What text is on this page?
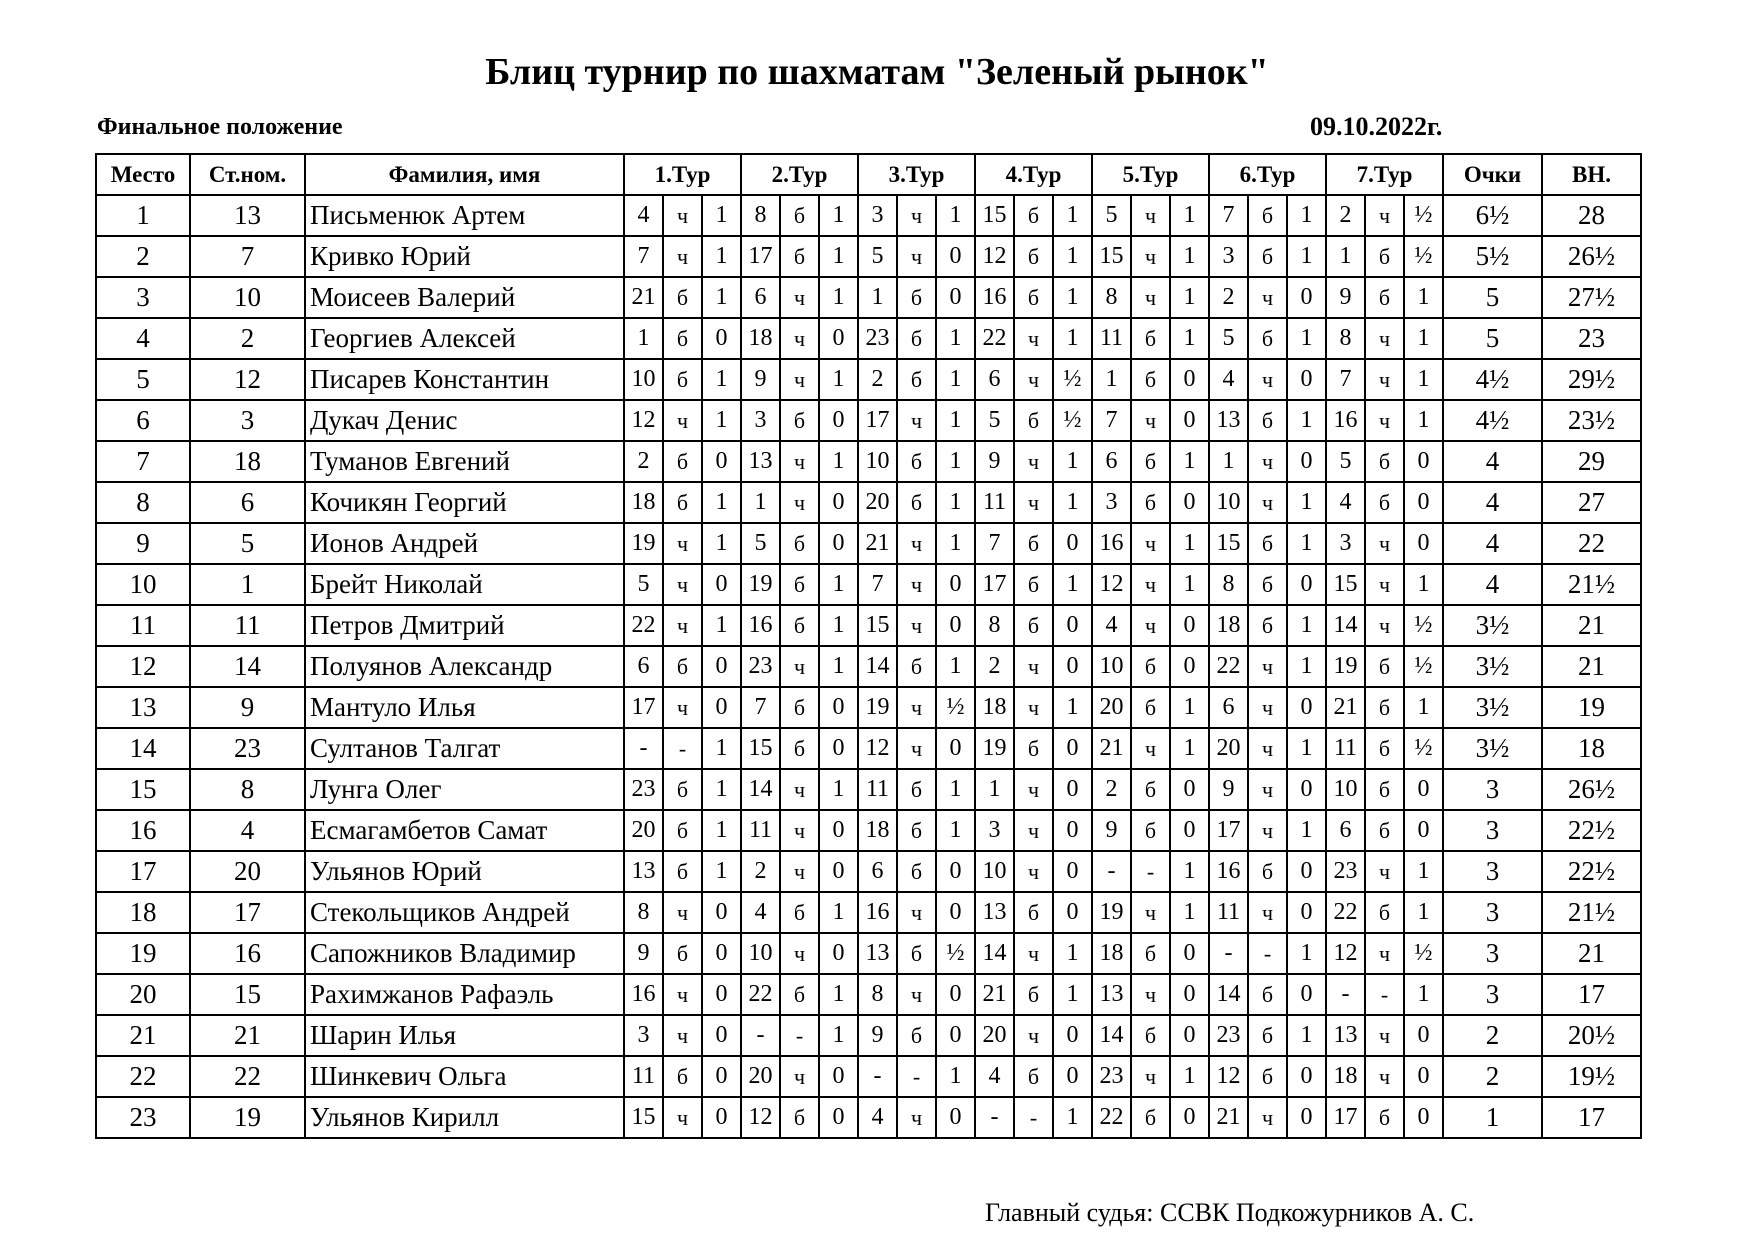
Блиц турнир по шахматам "Зеленый рынок"
Финальное положение	09.10.2022г.
Место	Ст.ном.	Фамилия, имя	1.Тур			2.Тур			3.Тур			4.Тур			5.Тур			6.Тур			7.Тур			Очки	ВН.
1	13	Письменюк Артем	4	ч	1	8	б	1	3	ч	1	15	б	1	5	ч	1	7	б	1	2	ч	½	6½	28
2	7	Кривко Юрий	7	ч	1	17	б	1	5	ч	0	12	б	1	15	ч	1	3	б	1	1	б	½	5½	26½
3	10	Моисеев Валерий	21	б	1	6	ч	1	1	б	0	16	б	1	8	ч	1	2	ч	0	9	б	1	5	27½
4	2	Георгиев Алексей	1	б	0	18	ч	0	23	б	1	22	ч	1	11	б	1	5	б	1	8	ч	1	5	23
5	12	Писарев Константин	10	б	1	9	ч	1	2	б	1	6	ч	½	1	б	0	4	ч	0	7	ч	1	4½	29½
6	3	Дукач Денис	12	ч	1	3	б	0	17	ч	1	5	б	½	7	ч	0	13	б	1	16	ч	1	4½	23½
7	18	Туманов Евгений	2	б	0	13	ч	1	10	б	1	9	ч	1	6	б	1	1	ч	0	5	б	0	4	29
8	6	Кочикян Георгий	18	б	1	1	ч	0	20	б	1	11	ч	1	3	б	0	10	ч	1	4	б	0	4	27
9	5	Ионов Андрей	19	ч	1	5	б	0	21	ч	1	7	б	0	16	ч	1	15	б	1	3	ч	0	4	22
10	1	Брейт Николай	5	ч	0	19	б	1	7	ч	0	17	б	1	12	ч	1	8	б	0	15	ч	1	4	21½
11	11	Петров Дмитрий	22	ч	1	16	б	1	15	ч	0	8	б	0	4	ч	0	18	б	1	14	ч	½	3½	21
12	14	Полуянов Александр	6	б	0	23	ч	1	14	б	1	2	ч	0	10	б	0	22	ч	1	19	б	½	3½	21
13	9	Мантуло Илья	17	ч	0	7	б	0	19	ч	½	18	ч	1	20	б	1	6	ч	0	21	б	1	3½	19
14	23	Султанов Талгат	-	-	1	15	б	0	12	ч	0	19	б	0	21	ч	1	20	ч	1	11	б	½	3½	18
15	8	Лунга Олег	23	б	1	14	ч	1	11	б	1	1	ч	0	2	б	0	9	ч	0	10	б	0	3	26½
16	4	Есмагамбетов Самат	20	б	1	11	ч	0	18	б	1	3	ч	0	9	б	0	17	ч	1	6	б	0	3	22½
17	20	Ульянов Юрий	13	б	1	2	ч	0	6	б	0	10	ч	0	-	-	1	16	б	0	23	ч	1	3	22½
18	17	Стекольщиков Андрей	8	ч	0	4	б	1	16	ч	0	13	б	0	19	ч	1	11	ч	0	22	б	1	3	21½
19	16	Сапожников Владимир	9	б	0	10	ч	0	13	б	½	14	ч	1	18	б	0	-	-	1	12	ч	½	3	21
20	15	Рахимжанов Рафаэль	16	ч	0	22	б	1	8	ч	0	21	б	1	13	ч	0	14	б	0	-	-	1	3	17
21	21	Шарин Илья	3	ч	0	-	-	1	9	б	0	20	ч	0	14	б	0	23	б	1	13	ч	0	2	20½
22	22	Шинкевич Ольга	11	б	0	20	ч	0	-	-	1	4	б	0	23	ч	1	12	б	0	18	ч	0	2	19½
23	19	Ульянов Кирилл	15	ч	0	12	б	0	4	ч	0	-	-	1	22	б	0	21	ч	0	17	б	0	1	17
Главный судья: ССВК Подкожурников А. С.
